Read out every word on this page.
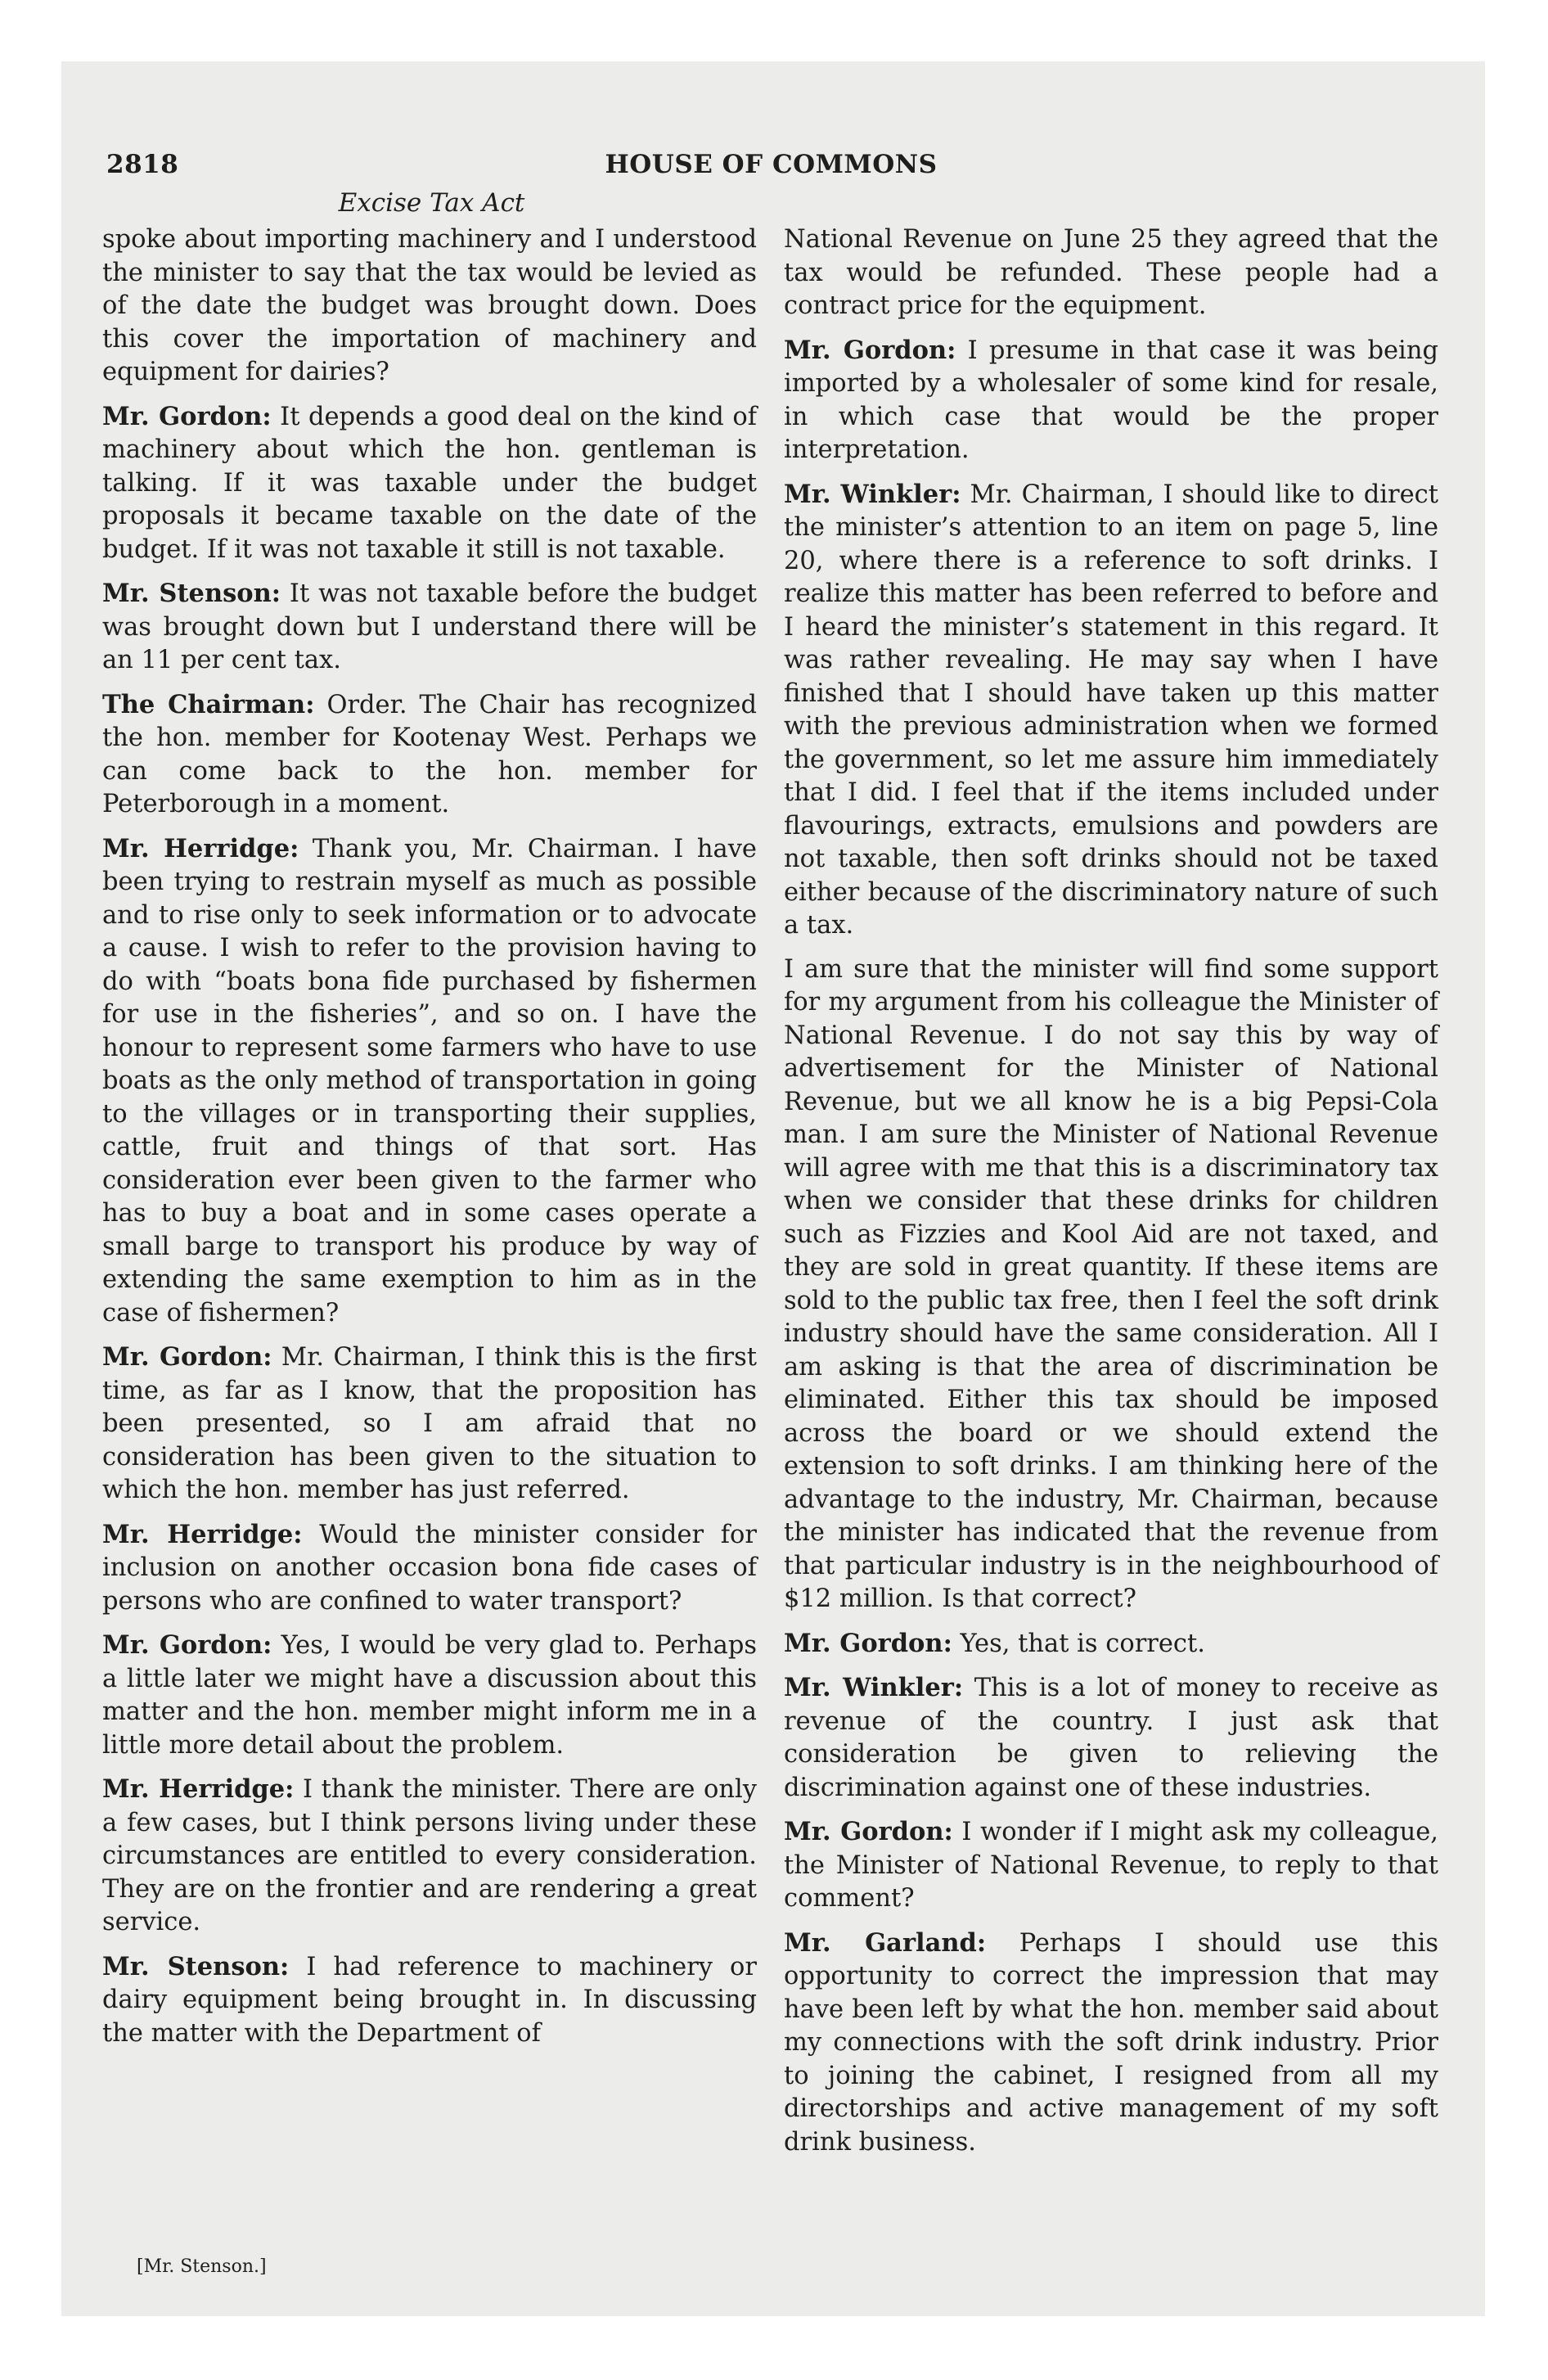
2818	HOUSE OF COMMONS
Excise Tax Act

spoke about importing machinery and I understood the minister to say that the tax would be levied as of the date the budget was brought down. Does this cover the importation of machinery and equipment for dairies?

Mr. Gordon: It depends a good deal on the kind of machinery about which the hon. gentleman is talking. If it was taxable under the budget proposals it became taxable on the date of the budget. If it was not taxable it still is not taxable.

Mr. Stenson: It was not taxable before the budget was brought down but I understand there will be an 11 per cent tax.

The Chairman: Order. The Chair has recognized the hon. member for Kootenay West. Perhaps we can come back to the hon. member for Peterborough in a moment.

Mr. Herridge: Thank you, Mr. Chairman. I have been trying to restrain myself as much as possible and to rise only to seek information or to advocate a cause. I wish to refer to the provision having to do with “boats bona fide purchased by fishermen for use in the fisheries”, and so on. I have the honour to represent some farmers who have to use boats as the only method of transportation in going to the villages or in transporting their supplies, cattle, fruit and things of that sort. Has consideration ever been given to the farmer who has to buy a boat and in some cases operate a small barge to transport his produce by way of extending the same exemption to him as in the case of fishermen?

Mr. Gordon: Mr. Chairman, I think this is the first time, as far as I know, that the proposition has been presented, so I am afraid that no consideration has been given to the situation to which the hon. member has just referred.

Mr. Herridge: Would the minister consider for inclusion on another occasion bona fide cases of persons who are confined to water transport?

Mr. Gordon: Yes, I would be very glad to. Perhaps a little later we might have a discussion about this matter and the hon. member might inform me in a little more detail about the problem.

Mr. Herridge: I thank the minister. There are only a few cases, but I think persons living under these circumstances are entitled to every consideration. They are on the frontier and are rendering a great service.

Mr. Stenson: I had reference to machinery or dairy equipment being brought in. In discussing the matter with the Department of

National Revenue on June 25 they agreed that the tax would be refunded. These people had a contract price for the equipment.

Mr. Gordon: I presume in that case it was being imported by a wholesaler of some kind for resale, in which case that would be the proper interpretation.

Mr. Winkler: Mr. Chairman, I should like to direct the minister’s attention to an item on page 5, line 20, where there is a reference to soft drinks. I realize this matter has been referred to before and I heard the minister’s statement in this regard. It was rather revealing. He may say when I have finished that I should have taken up this matter with the previous administration when we formed the government, so let me assure him immediately that I did. I feel that if the items included under flavourings, extracts, emulsions and powders are not taxable, then soft drinks should not be taxed either because of the discriminatory nature of such a tax.

I am sure that the minister will find some support for my argument from his colleague the Minister of National Revenue. I do not say this by way of advertisement for the Minister of National Revenue, but we all know he is a big Pepsi-Cola man. I am sure the Minister of National Revenue will agree with me that this is a discriminatory tax when we consider that these drinks for children such as Fizzies and Kool Aid are not taxed, and they are sold in great quantity. If these items are sold to the public tax free, then I feel the soft drink industry should have the same consideration. All I am asking is that the area of discrimination be eliminated. Either this tax should be imposed across the board or we should extend the extension to soft drinks. I am thinking here of the advantage to the industry, Mr. Chairman, because the minister has indicated that the revenue from that particular industry is in the neighbourhood of $12 million. Is that correct?

Mr. Gordon: Yes, that is correct.

Mr. Winkler: This is a lot of money to receive as revenue of the country. I just ask that consideration be given to relieving the discrimination against one of these industries.

Mr. Gordon: I wonder if I might ask my colleague, the Minister of National Revenue, to reply to that comment?

Mr. Garland: Perhaps I should use this opportunity to correct the impression that may have been left by what the hon. member said about my connections with the soft drink industry. Prior to joining the cabinet, I resigned from all my directorships and active management of my soft drink business.

[Mr. Stenson.]
